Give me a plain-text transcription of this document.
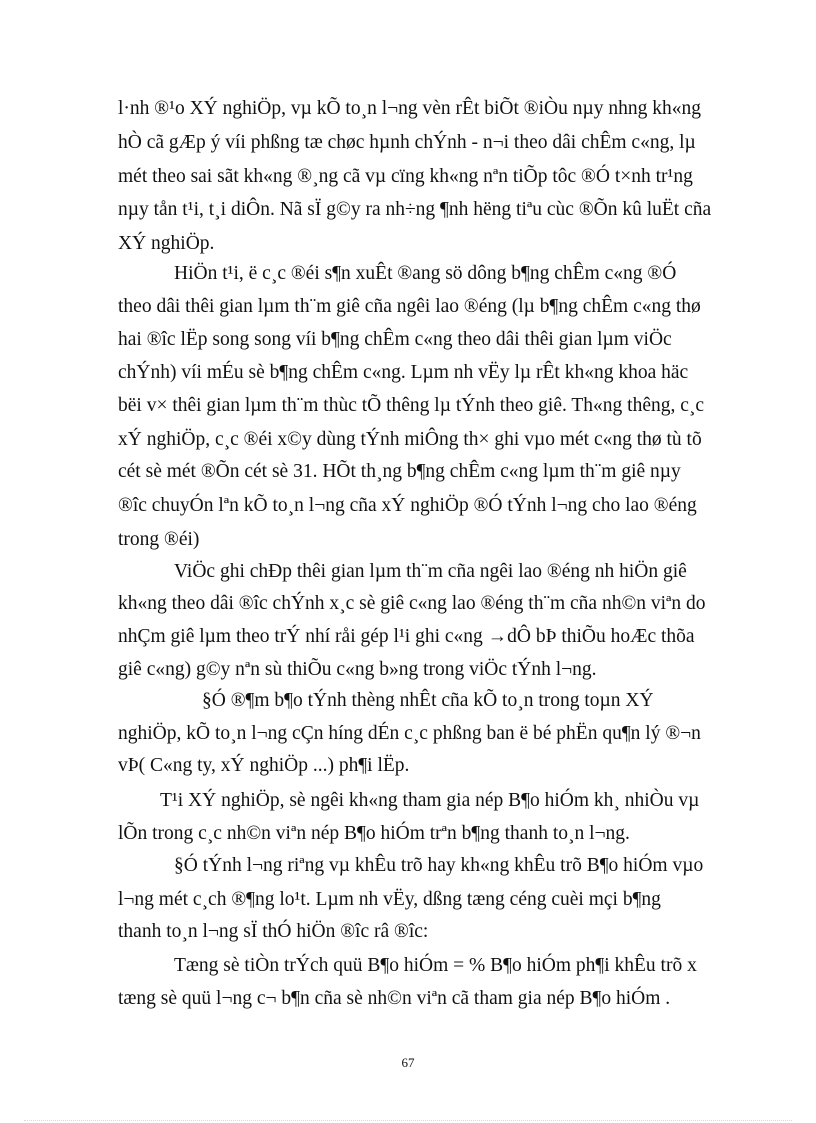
l·nh ®¹o XÝ nghiÖp, vµ kÕ to¸n l¬ng vèn rÊt biÕt ®iÒu nµy nhng kh«ng
hÒ cã gÆp ý víi phßng tæ chøc hµnh chÝnh - n¬i theo dâi chÊm c«ng, lµ
mét theo sai sãt kh«ng ®¸ng cã vµ cïng kh«ng nªn tiÕp tôc ®Ó t×nh tr¹ng
nµy tån t¹i, t¸i diÔn. Nã sÏ g©y ra nh÷ng ¶nh hëng tiªu cùc ®Õn kû luËt cña
XÝ nghiÖp.
HiÖn t¹i, ë c¸c ®éi s¶n xuÊt ®ang sö dông b¶ng chÊm c«ng ®Ó
theo dâi thêi gian lµm th¨m giê cña ngêi lao ®éng (lµ b¶ng chÊm c«ng thø
hai ®îc lËp song song víi b¶ng chÊm c«ng theo dâi thêi gian lµm viÖc
chÝnh) víi mÉu sè b¶ng chÊm c«ng. Lµm nh vËy lµ rÊt kh«ng khoa häc
bëi v× thêi gian lµm th¨m thùc tÕ thêng lµ tÝnh theo giê. Th«ng thêng, c¸c
xÝ nghiÖp, c¸c ®éi x©y dùng tÝnh miÔng th× ghi vµo mét c«ng thø tù tõ
cét sè mét ®Õn cét sè 31. HÕt th¸ng b¶ng chÊm c«ng lµm th¨m giê nµy
®îc chuyÓn lªn kÕ to¸n l¬ng cña xÝ nghiÖp ®Ó tÝnh l¬ng cho lao ®éng
trong ®éi)
ViÖc ghi chÐp thêi gian lµm th¨m cña ngêi lao ®éng nh hiÖn giê
kh«ng theo dâi ®îc chÝnh x¸c sè giê c«ng lao ®éng th¨m cña nh©n viªn do
nhÇm giê lµm theo trÝ nhí råi gép l¹i ghi c«ng →dÔ bÞ thiÕu hoÆc thõa
giê c«ng) g©y nªn sù thiÕu c«ng b»ng trong viÖc tÝnh l¬ng.
§Ó ®¶m b¶o tÝnh thèng nhÊt cña kÕ to¸n trong toµn XÝ
nghiÖp, kÕ to¸n l¬ng cÇn híng dÉn c¸c phßng ban ë bé phËn qu¶n lý ®¬n
vÞ( C«ng ty, xÝ nghiÖp ...) ph¶i lËp.
T¹i XÝ nghiÖp, sè ngêi kh«ng tham gia nép B¶o hiÓm kh¸ nhiÒu vµ
lÕn trong c¸c nh©n viªn nép B¶o hiÓm trªn b¶ng thanh to¸n l¬ng.
§Ó tÝnh l¬ng riªng vµ khÊu trõ hay kh«ng khÊu trõ B¶o hiÓm vµo
l¬ng mét c¸ch ®¶ng lo¹t. Lµm nh vËy, dßng tæng céng cuèi mçi b¶ng
thanh to¸n l¬ng sÏ thÓ hiÖn ®îc râ ®îc:
Tæng sè tiÒn trÝch quü B¶o hiÓm = % B¶o hiÓm ph¶i khÊu trõ x
tæng sè quü l¬ng c¬ b¶n cña sè nh©n viªn cã tham gia nép B¶o hiÓm .
67
